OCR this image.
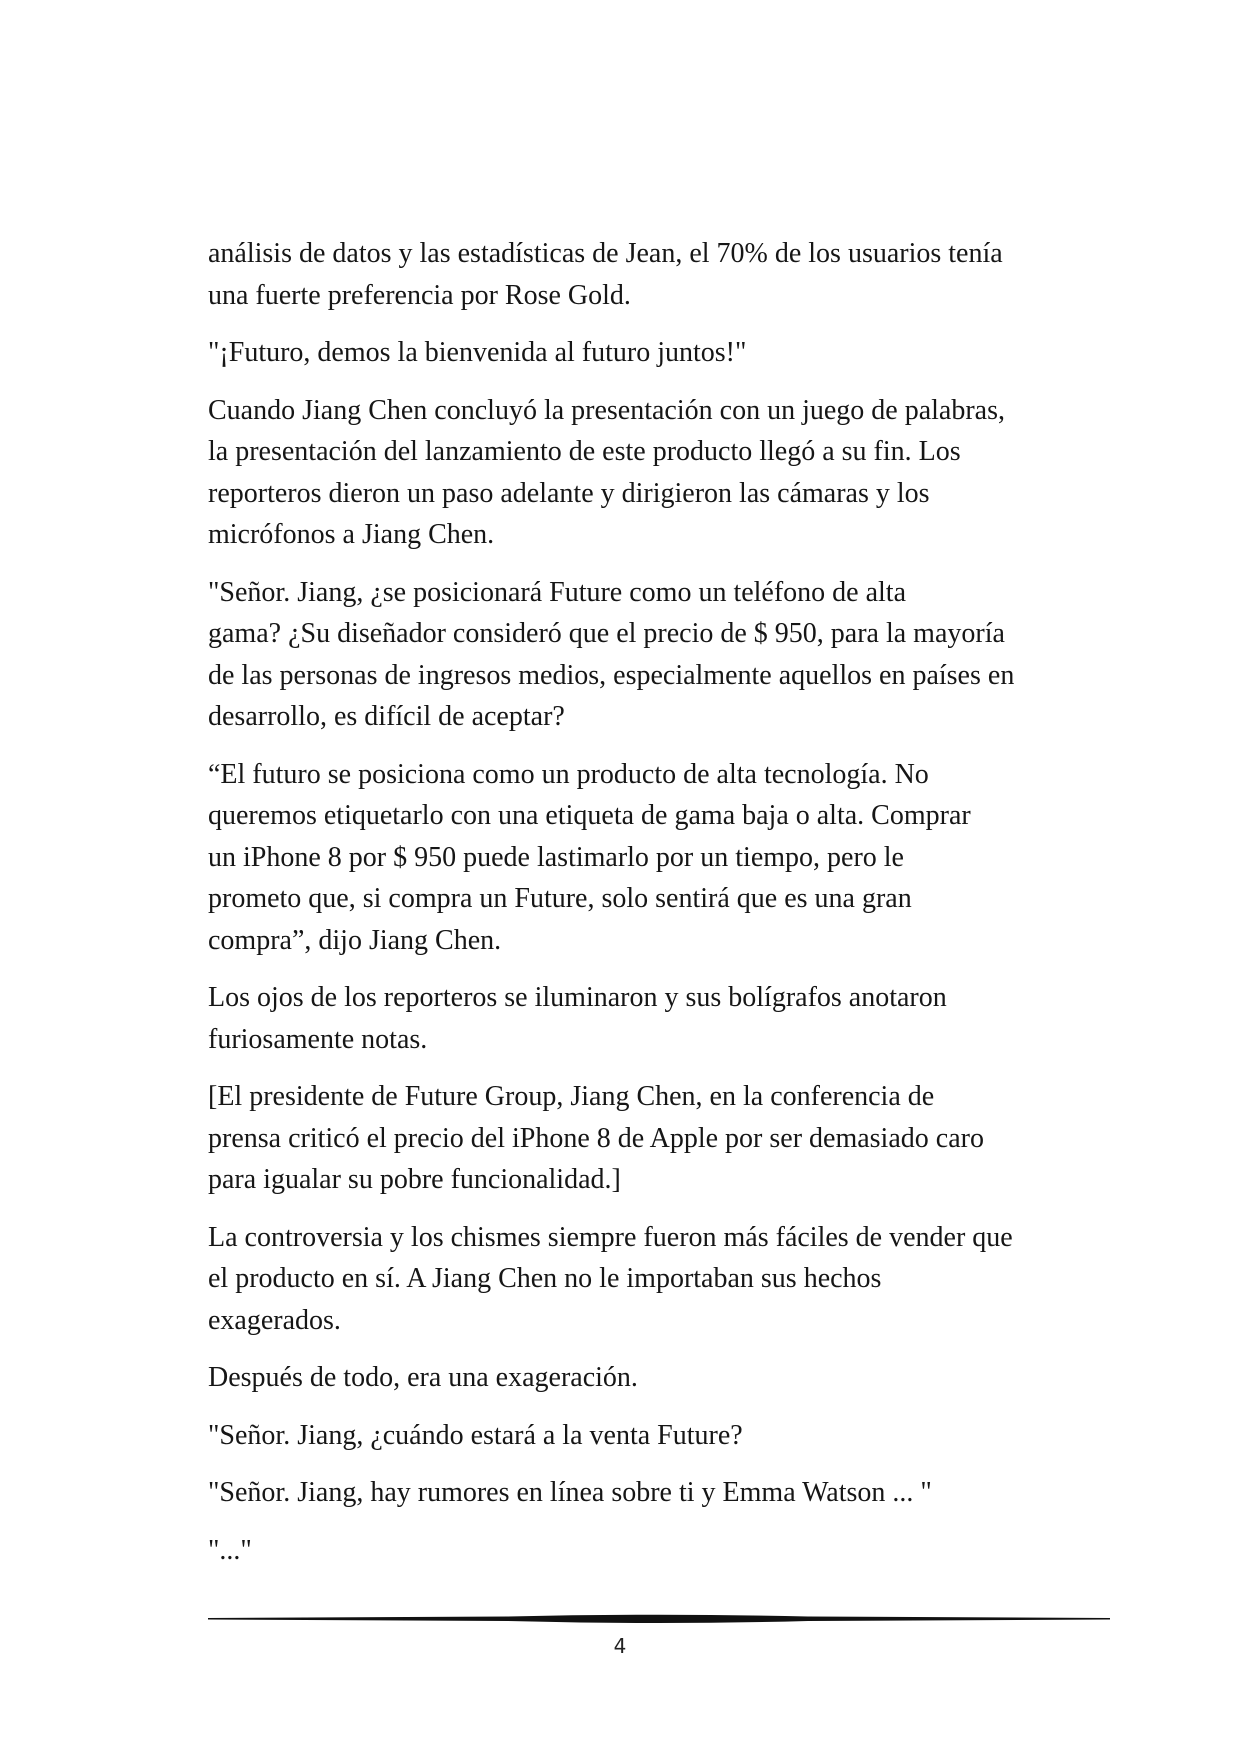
análisis de datos y las estadísticas de Jean, el 70% de los usuarios tenía
una fuerte preferencia por Rose Gold.

"¡Futuro, demos la bienvenida al futuro juntos!"

Cuando Jiang Chen concluyó la presentación con un juego de palabras,
la presentación del lanzamiento de este producto llegó a su fin. Los
reporteros dieron un paso adelante y dirigieron las cámaras y los
micrófonos a Jiang Chen.

"Señor. Jiang, ¿se posicionará Future como un teléfono de alta
gama? ¿Su diseñador consideró que el precio de $ 950, para la mayoría
de las personas de ingresos medios, especialmente aquellos en países en
desarrollo, es difícil de aceptar?

“El futuro se posiciona como un producto de alta tecnología. No
queremos etiquetarlo con una etiqueta de gama baja o alta. Comprar
un iPhone 8 por $ 950 puede lastimarlo por un tiempo, pero le
prometo que, si compra un Future, solo sentirá que es una gran
compra”, dijo Jiang Chen.

Los ojos de los reporteros se iluminaron y sus bolígrafos anotaron
furiosamente notas.

[El presidente de Future Group, Jiang Chen, en la conferencia de
prensa criticó el precio del iPhone 8 de Apple por ser demasiado caro
para igualar su pobre funcionalidad.]

La controversia y los chismes siempre fueron más fáciles de vender que
el producto en sí. A Jiang Chen no le importaban sus hechos
exagerados.

Después de todo, era una exageración.

"Señor. Jiang, ¿cuándo estará a la venta Future?

"Señor. Jiang, hay rumores en línea sobre ti y Emma Watson ... "

"..."

4
